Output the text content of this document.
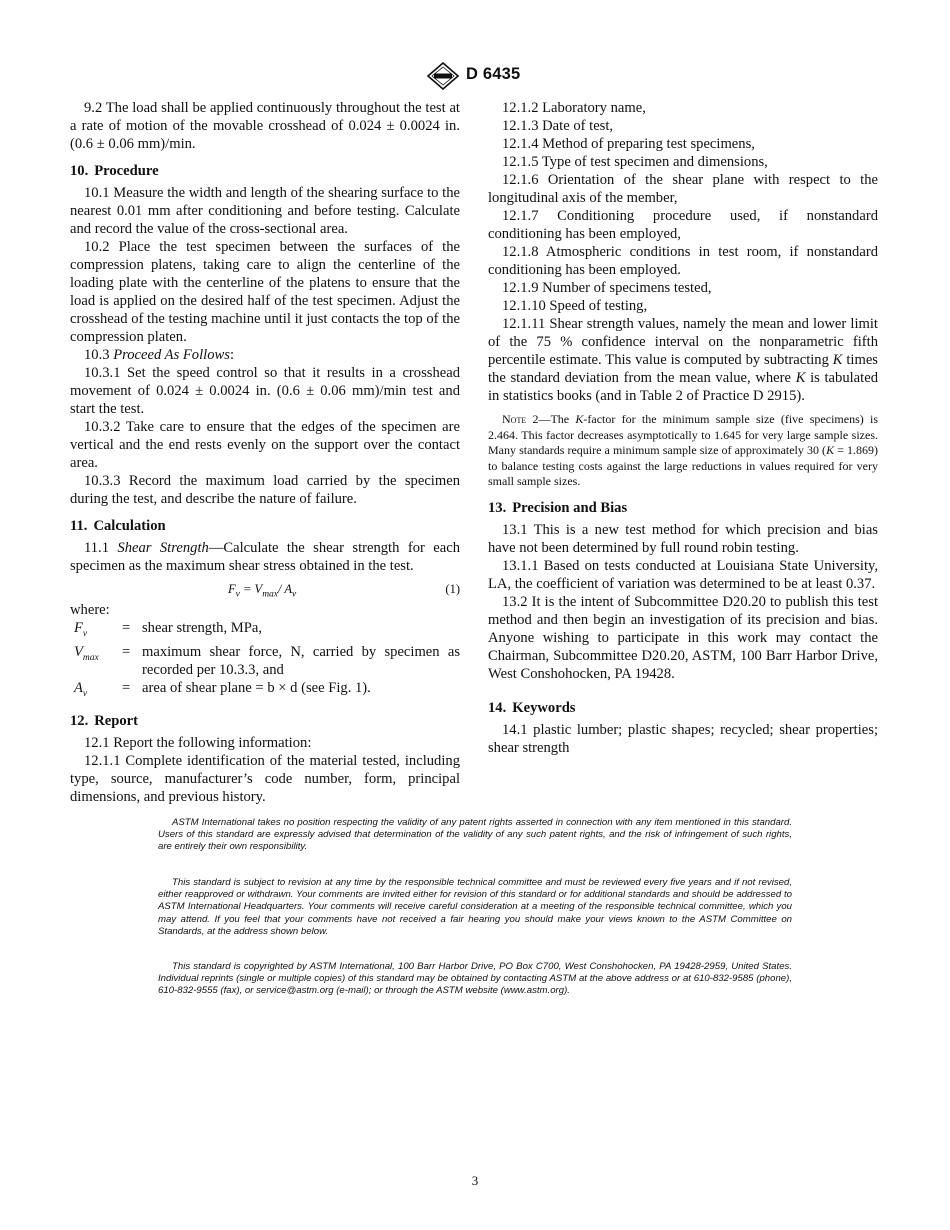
D 6435

9.2 The load shall be applied continuously throughout the test at a rate of motion of the movable crosshead of 0.024 ± 0.0024 in.(0.6 ± 0.06 mm)/min.

10. Procedure

10.1 Measure the width and length of the shearing surface to the nearest 0.01 mm after conditioning and before testing. Calculate and record the value of the cross-sectional area.

10.2 Place the test specimen between the surfaces of the compression platens, taking care to align the centerline of the loading plate with the centerline of the platens to ensure that the load is applied on the desired half of the test specimen. Adjust the crosshead of the testing machine until it just contacts the top of the compression platen.

10.3 Proceed As Follows:

10.3.1 Set the speed control so that it results in a crosshead movement of 0.024 ± 0.0024 in. (0.6 ± 0.06 mm)/min test and start the test.

10.3.2 Take care to ensure that the edges of the specimen are vertical and the end rests evenly on the support over the contact area.

10.3.3 Record the maximum load carried by the specimen during the test, and describe the nature of failure.

11. Calculation

11.1 Shear Strength—Calculate the shear strength for each specimen as the maximum shear stress obtained in the test.

$F_v = V_{max}/$ $A_v$	(1)

where:

$F_v$	=	shear strength, MPa,
$V_{max}$	=	maximum shear force, N, carried by specimen as recorded per 10.3.3, and
$A_v$	=	area of shear plane = b × d (see Fig. 1).

12. Report

12.1 Report the following information:

12.1.1 Complete identification of the material tested, including type, source, manufacturer’s code number, form, principal dimensions, and previous history.

12.1.2 Laboratory name,

12.1.3 Date of test,

12.1.4 Method of preparing test specimens,

12.1.5 Type of test specimen and dimensions,

12.1.6 Orientation of the shear plane with respect to the longitudinal axis of the member,

12.1.7 Conditioning procedure used, if nonstandard conditioning has been employed,

12.1.8 Atmospheric conditions in test room, if nonstandard conditioning has been employed.

12.1.9 Number of specimens tested,

12.1.10 Speed of testing,

12.1.11 Shear strength values, namely the mean and lower limit of the 75 % confidence interval on the nonparametric fifth percentile estimate. This value is computed by subtracting K times the standard deviation from the mean value, where K is tabulated in statistics books (and in Table 2 of Practice D 2915).

Note 2—The K-factor for the minimum sample size (five specimens) is 2.464. This factor decreases asymptotically to 1.645 for very large sample sizes. Many standards require a minimum sample size of approximately 30 (K = 1.869) to balance testing costs against the large reductions in values required for very small sample sizes.

13. Precision and Bias

13.1 This is a new test method for which precision and bias have not been determined by full round robin testing.

13.1.1 Based on tests conducted at Louisiana State University, LA, the coefficient of variation was determined to be at least 0.37.

13.2 It is the intent of Subcommittee D20.20 to publish this test method and then begin an investigation of its precision and bias. Anyone wishing to participate in this work may contact the Chairman, Subcommittee D20.20, ASTM, 100 Barr Harbor Drive, West Conshohocken, PA 19428.

14. Keywords

14.1 plastic lumber; plastic shapes; recycled; shear properties; shear strength

ASTM International takes no position respecting the validity of any patent rights asserted in connection with any item mentioned in this standard. Users of this standard are expressly advised that determination of the validity of any such patent rights, and the risk of infringement of such rights, are entirely their own responsibility.

This standard is subject to revision at any time by the responsible technical committee and must be reviewed every five years and if not revised, either reapproved or withdrawn. Your comments are invited either for revision of this standard or for additional standards and should be addressed to ASTM International Headquarters. Your comments will receive careful consideration at a meeting of the responsible technical committee, which you may attend. If you feel that your comments have not received a fair hearing you should make your views known to the ASTM Committee on Standards, at the address shown below.

This standard is copyrighted by ASTM International, 100 Barr Harbor Drive, PO Box C700, West Conshohocken, PA 19428-2959, United States. Individual reprints (single or multiple copies) of this standard may be obtained by contacting ASTM at the above address or at 610-832-9585 (phone), 610-832-9555 (fax), or service@astm.org (e-mail); or through the ASTM website (www.astm.org).

3
